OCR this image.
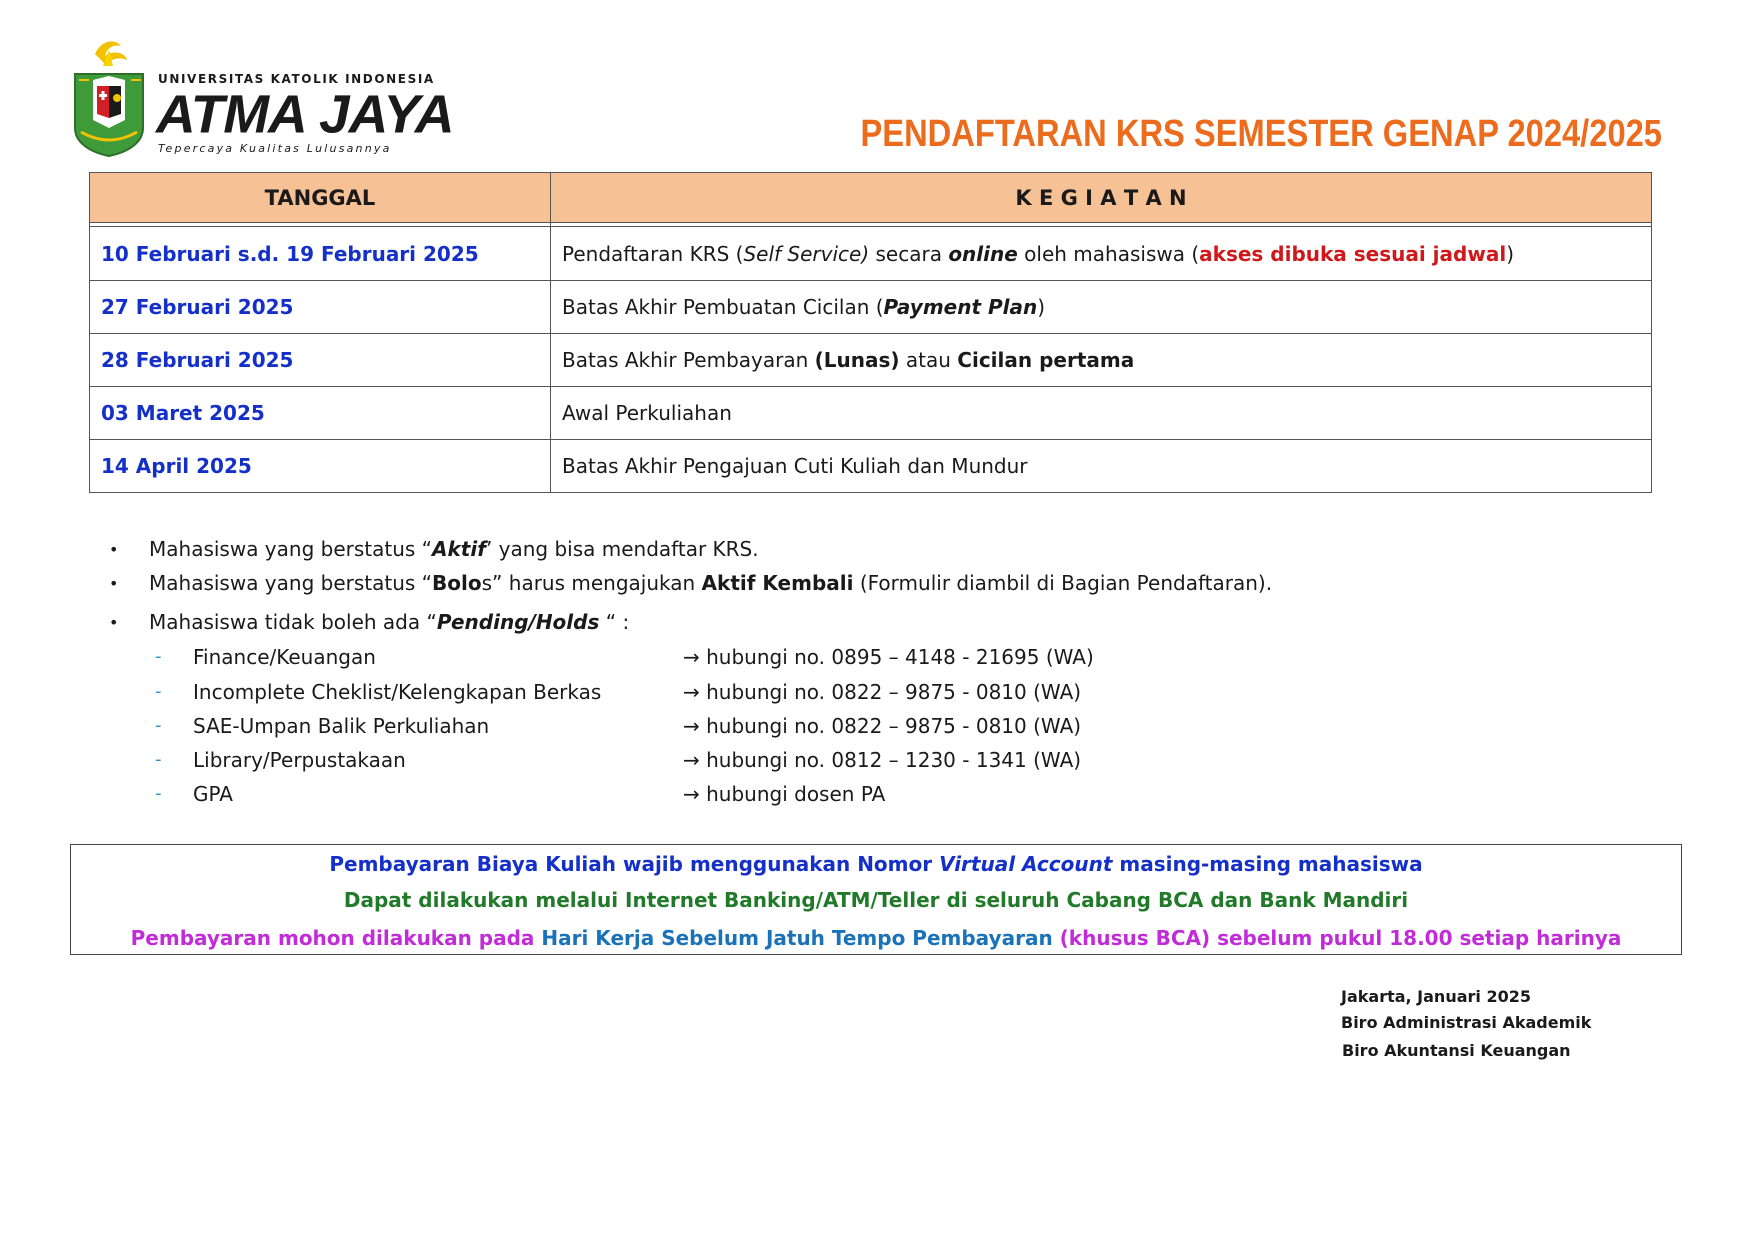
UNIVERSITAS KATOLIK INDONESIA
ATMA JAYA
Tepercaya Kualitas Lulusannya	PENDAFTARAN KRS SEMESTER GENAP 2024/2025
TANGGAL	K E G I A T A N

10 Februari s.d. 19 Februari 2025	Pendaftaran KRS (Self Service) secara online oleh mahasiswa (akses dibuka sesuai jadwal)
27 Februari 2025	Batas Akhir Pembuatan Cicilan (Payment Plan)
28 Februari 2025	Batas Akhir Pembayaran (Lunas) atau Cicilan pertama
03 Maret 2025	Awal Perkuliahan
14 April 2025	Batas Akhir Pengajuan Cuti Kuliah dan Mundur
• Mahasiswa yang berstatus “Aktif’ yang bisa mendaftar KRS.
• Mahasiswa yang berstatus “Bolos” harus mengajukan Aktif Kembali (Formulir diambil di Bagian Pendaftaran).
• Mahasiswa tidak boleh ada “Pending/Holds “ :
- Finance/Keuangan	→ hubungi no. 0895 – 4148 - 21695 (WA)
- Incomplete Cheklist/Kelengkapan Berkas	→ hubungi no. 0822 – 9875 - 0810 (WA)
- SAE-Umpan Balik Perkuliahan	→ hubungi no. 0822 – 9875 - 0810 (WA)
- Library/Perpustakaan	→ hubungi no. 0812 – 1230 - 1341 (WA)
- GPA	→ hubungi dosen PA
Pembayaran Biaya Kuliah wajib menggunakan Nomor Virtual Account masing-masing mahasiswa
Dapat dilakukan melalui Internet Banking/ATM/Teller di seluruh Cabang BCA dan Bank Mandiri
Pembayaran mohon dilakukan pada Hari Kerja Sebelum Jatuh Tempo Pembayaran (khusus BCA) sebelum pukul 18.00 setiap harinya
Jakarta, Januari 2025
Biro Administrasi Akademik
Biro Akuntansi Keuangan
